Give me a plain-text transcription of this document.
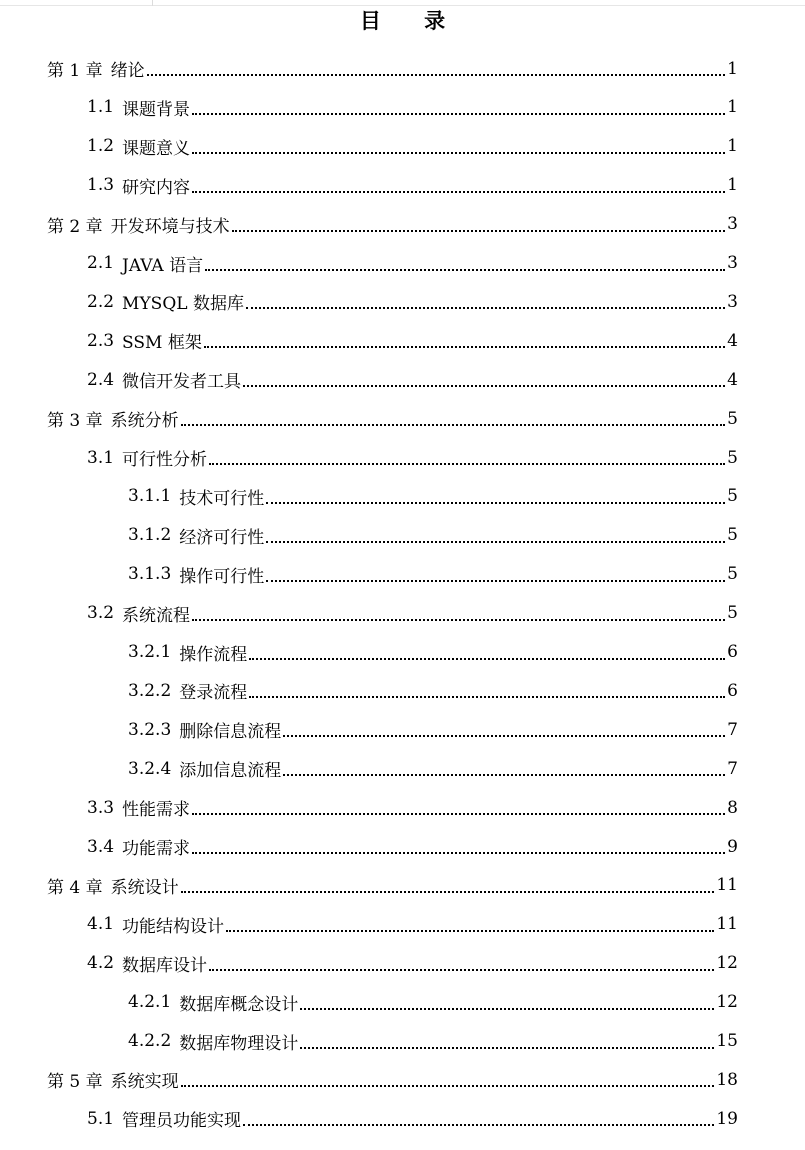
目 录
第 1 章 绪论	1
1.1 课题背景	1
1.2 课题意义	1
1.3 研究内容	1
第 2 章 开发环境与技术	3
2.1 JAVA 语言	3
2.2 MYSQL 数据库	3
2.3 SSM 框架	4
2.4 微信开发者工具	4
第 3 章 系统分析	5
3.1 可行性分析	5
3.1.1 技术可行性	5
3.1.2 经济可行性	5
3.1.3 操作可行性	5
3.2 系统流程	5
3.2.1 操作流程	6
3.2.2 登录流程	6
3.2.3 删除信息流程	7
3.2.4 添加信息流程	7
3.3 性能需求	8
3.4 功能需求	9
第 4 章 系统设计	11
4.1 功能结构设计	11
4.2 数据库设计	12
4.2.1 数据库概念设计	12
4.2.2 数据库物理设计	15
第 5 章 系统实现	18
5.1 管理员功能实现	19
